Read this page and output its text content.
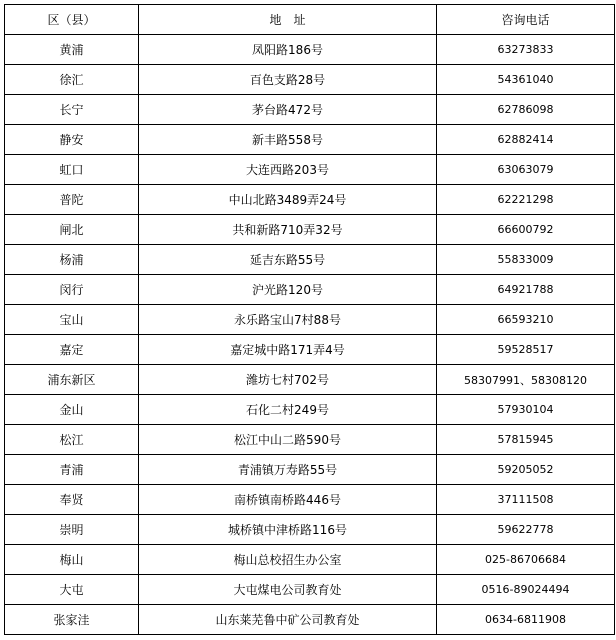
区（县）	地　址	咨询电话
黄浦	凤阳路186号	63273833
徐汇	百色支路28号	54361040
长宁	茅台路472号	62786098
静安	新丰路558号	62882414
虹口	大连西路203号	63063079
普陀	中山北路3489弄24号	62221298
闸北	共和新路710弄32号	66600792
杨浦	延吉东路55号	55833009
闵行	沪光路120号	64921788
宝山	永乐路宝山7村88号	66593210
嘉定	嘉定城中路171弄4号	59528517
浦东新区	潍坊七村702号	58307991、58308120
金山	石化二村249号	57930104
松江	松江中山二路590号	57815945
青浦	青浦镇万寿路55号	59205052
奉贤	南桥镇南桥路446号	37111508
崇明	城桥镇中津桥路116号	59622778
梅山	梅山总校招生办公室	025-86706684
大屯	大屯煤电公司教育处	0516-89024494
张家洼	山东莱芜鲁中矿公司教育处	0634-6811908
